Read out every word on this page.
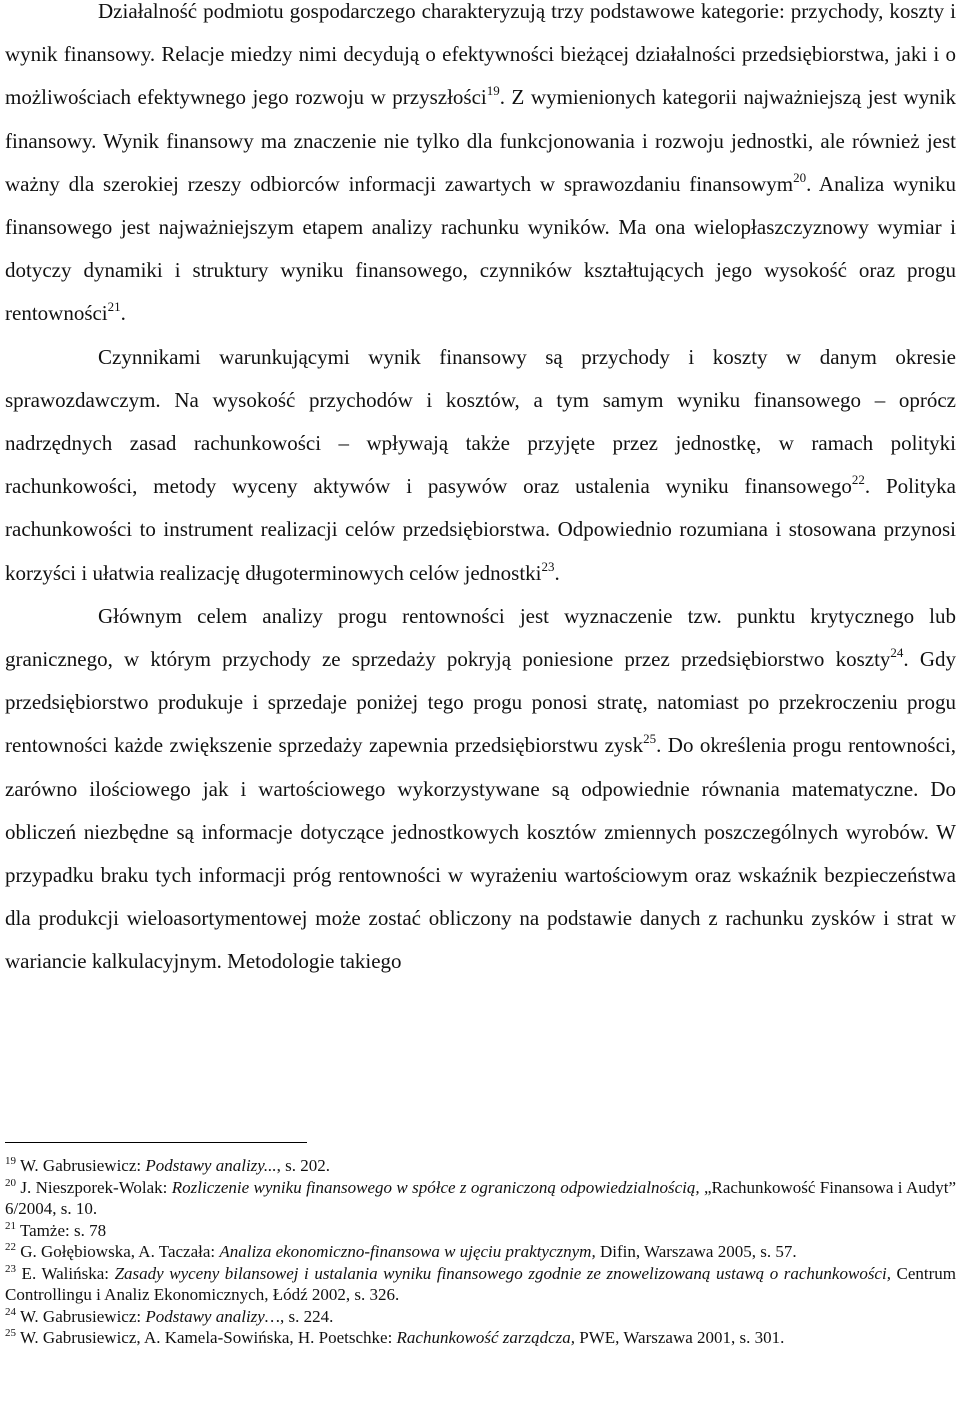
Działalność podmiotu gospodarczego charakteryzują trzy podstawowe kategorie: przychody, koszty i wynik finansowy. Relacje miedzy nimi decydują o efektywności bieżącej działalności przedsiębiorstwa, jaki i o możliwościach efektywnego jego rozwoju w przyszłości$^{19}$. Z wymienionych kategorii najważniejszą jest wynik finansowy. Wynik finansowy ma znaczenie nie tylko dla funkcjonowania i rozwoju jednostki, ale również jest ważny dla szerokiej rzeszy odbiorców informacji zawartych w sprawozdaniu finansowym$^{20}$. Analiza wyniku finansowego jest najważniejszym etapem analizy rachunku wyników. Ma ona wielopłaszczyznowy wymiar i dotyczy dynamiki i struktury wyniku finansowego, czynników kształtujących jego wysokość oraz progu rentowności$^{21}$.

Czynnikami warunkującymi wynik finansowy są przychody i koszty w danym okresie sprawozdawczym. Na wysokość przychodów i kosztów, a tym samym wyniku finansowego – oprócz nadrzędnych zasad rachunkowości – wpływają także przyjęte przez jednostkę, w ramach polityki rachunkowości, metody wyceny aktywów i pasywów oraz ustalenia wyniku finansowego$^{22}$. Polityka rachunkowości to instrument realizacji celów przedsiębiorstwa. Odpowiednio rozumiana i stosowana przynosi korzyści i ułatwia realizację długoterminowych celów jednostki$^{23}$.

Głównym celem analizy progu rentowności jest wyznaczenie tzw. punktu krytycznego lub granicznego, w którym przychody ze sprzedaży pokryją poniesione przez przedsiębiorstwo koszty$^{24}$. Gdy przedsiębiorstwo produkuje i sprzedaje poniżej tego progu ponosi stratę, natomiast po przekroczeniu progu rentowności każde zwiększenie sprzedaży zapewnia przedsiębiorstwu zysk$^{25}$. Do określenia progu rentowności, zarówno ilościowego jak i wartościowego wykorzystywane są odpowiednie równania matematyczne. Do obliczeń niezbędne są informacje dotyczące jednostkowych kosztów zmiennych poszczególnych wyrobów. W przypadku braku tych informacji próg rentowności w wyrażeniu wartościowym oraz wskaźnik bezpieczeństwa dla produkcji wieloasortymentowej może zostać obliczony na podstawie danych z rachunku zysków i strat w wariancie kalkulacyjnym. Metodologie takiego

$^{19}$ W. Gabrusiewicz: Podstawy analizy..., s. 202.

$^{20}$ J. Nieszporek-Wolak: Rozliczenie wyniku finansowego w spółce z ograniczoną odpowiedzialnością, „Rachunkowość Finansowa i Audyt” 6/2004, s. 10.

$^{21}$ Tamże: s. 78

$^{22}$ G. Gołębiowska, A. Taczała: Analiza ekonomiczno-finansowa w ujęciu praktycznym, Difin, Warszawa 2005, s. 57.

$^{23}$ E. Walińska: Zasady wyceny bilansowej i ustalania wyniku finansowego zgodnie ze znowelizowaną ustawą o rachunkowości, Centrum Controllingu i Analiz Ekonomicznych, Łódź 2002, s. 326.

$^{24}$ W. Gabrusiewicz: Podstawy analizy…, s. 224.

$^{25}$ W. Gabrusiewicz, A. Kamela-Sowińska, H. Poetschke: Rachunkowość zarządcza, PWE, Warszawa 2001, s. 301.
